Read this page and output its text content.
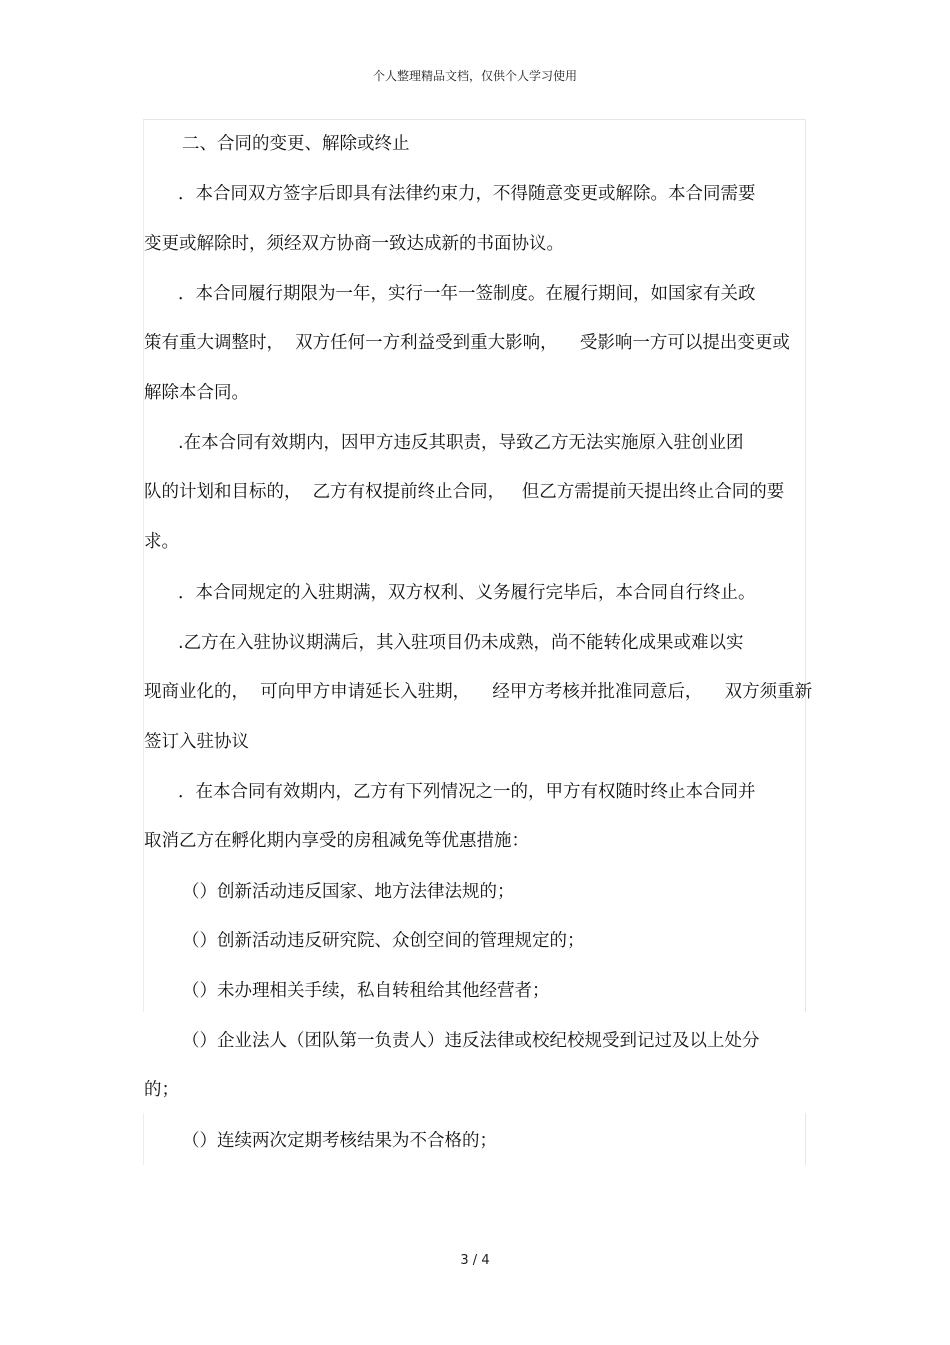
个人整理精品文档，仅供个人学习使用
二、合同的变更、解除或终止
．本合同双方签字后即具有法律约束力，不得随意变更或解除。本合同需要
变更或解除时，须经双方协商一致达成新的书面协议。
．本合同履行期限为一年，实行一年一签制度。在履行期间，如国家有关政
策有重大调整时，  双方任何一方利益受到重大影响，    受影响一方可以提出变更或
解除本合同。
.在本合同有效期内，因甲方违反其职责，导致乙方无法实施原入驻创业团
队的计划和目标的，  乙方有权提前终止合同，   但乙方需提前天提出终止合同的要
求。
．本合同规定的入驻期满，双方权利、义务履行完毕后，本合同自行终止。
.乙方在入驻协议期满后，其入驻项目仍未成熟，尚不能转化成果或难以实
现商业化的，  可向甲方申请延长入驻期，    经甲方考核并批准同意后，    双方须重新
签订入驻协议
．在本合同有效期内，乙方有下列情况之一的，甲方有权随时终止本合同并
取消乙方在孵化期内享受的房租减免等优惠措施：
（）创新活动违反国家、地方法律法规的；
（）创新活动违反研究院、众创空间的管理规定的；
（）未办理相关手续，私自转租给其他经营者；
（）企业法人（团队第一负责人）违反法律或校纪校规受到记过及以上处分
的；
（）连续两次定期考核结果为不合格的；
3 / 4
